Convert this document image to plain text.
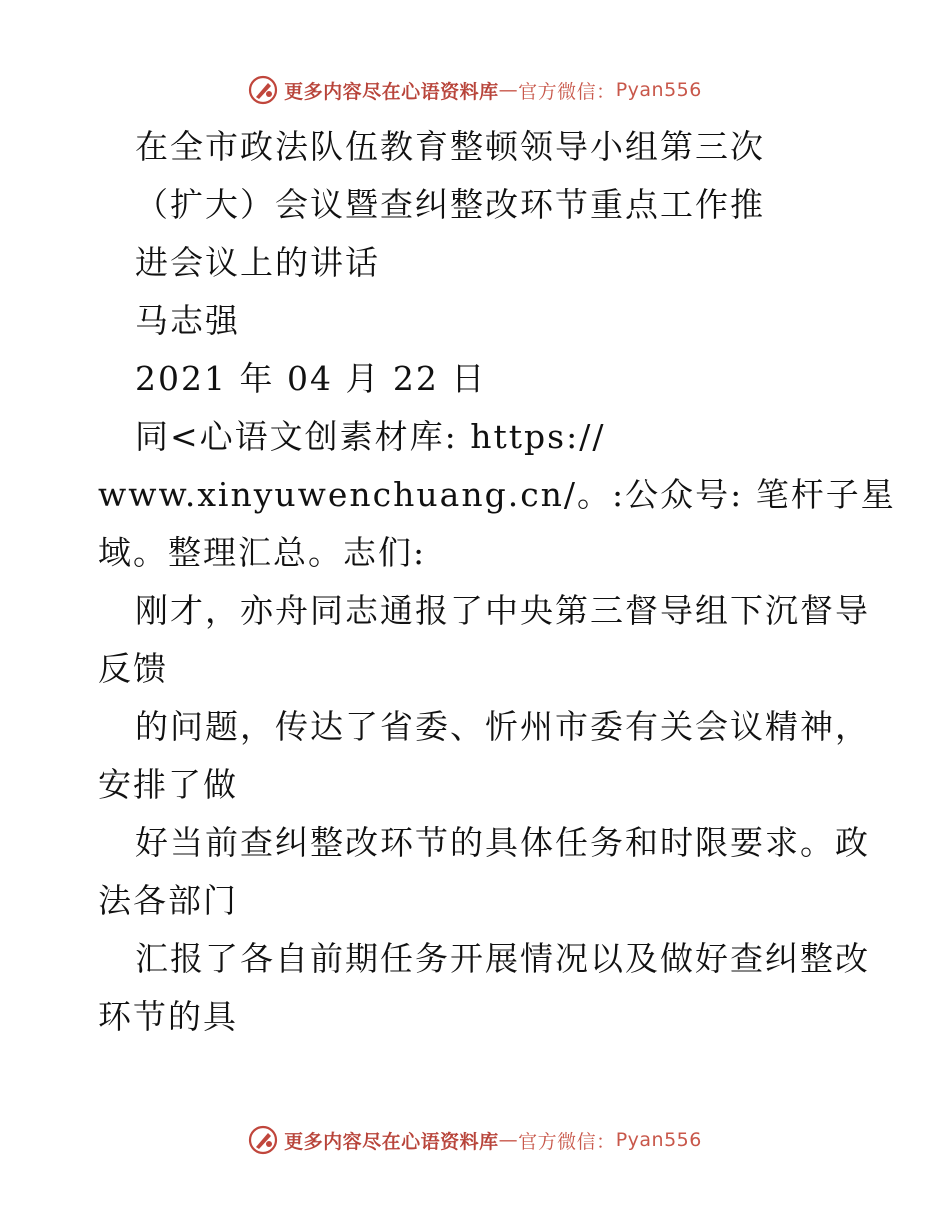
更多内容尽在心语资料库 — 官方微信： Pyan556
在全市政法队伍教育整顿领导小组第三次
（扩大）会议暨查纠整改环节重点工作推
进会议上的讲话
马志强
2021 年 04 月 22 日
同<心语文创素材库: https://
www.xinyuwenchuang.cn/。:公众号: 笔杆子星
域。整理汇总。志们:
刚才，亦舟同志通报了中央第三督导组下沉督导
反馈
的问题，传达了省委、忻州市委有关会议精神，
安排了做
好当前查纠整改环节的具体任务和时限要求。政
法各部门
汇报了各自前期任务开展情况以及做好查纠整改
环节的具
更多内容尽在心语资料库 — 官方微信： Pyan556
